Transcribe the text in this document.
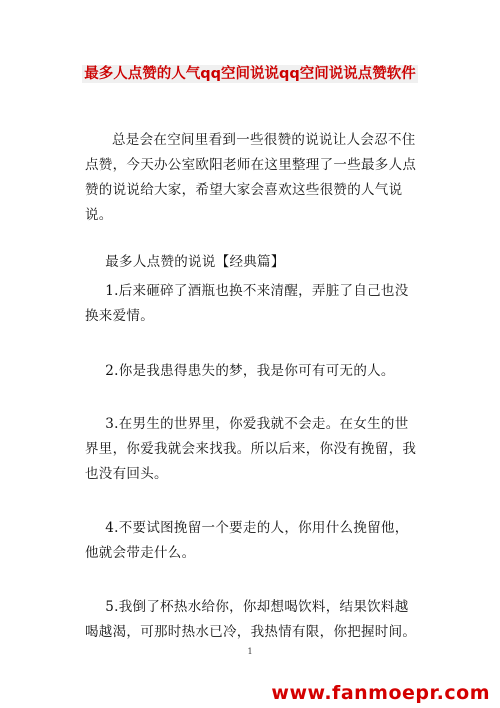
最多人点赞的人气qq空间说说qq空间说说点赞软件

总是会在空间里看到一些很赞的说说让人会忍不住点赞，今天办公室欧阳老师在这里整理了一些最多人点赞的说说给大家，希望大家会喜欢这些很赞的人气说说。

最多人点赞的说说【经典篇】

1.后来砸碎了酒瓶也换不来清醒，弄脏了自己也没换来爱情。

2.你是我患得患失的梦，我是你可有可无的人。

3.在男生的世界里，你爱我就不会走。在女生的世界里，你爱我就会来找我。所以后来，你没有挽留，我也没有回头。

4.不要试图挽留一个要走的人，你用什么挽留他，他就会带走什么。

5.我倒了杯热水给你，你却想喝饮料，结果饮料越喝越渴，可那时热水已冷，我热情有限，你把握时间。

1
www.fanmoepr.com
